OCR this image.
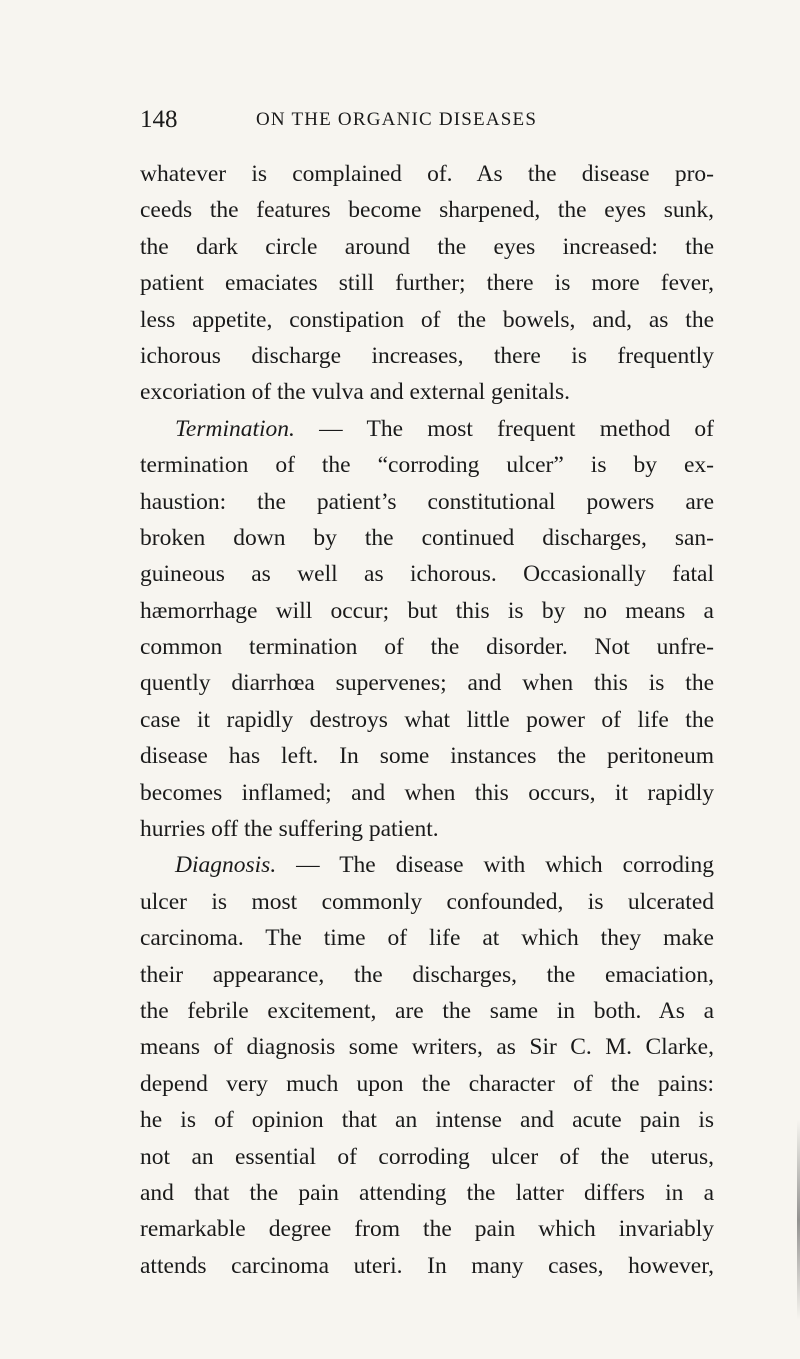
148	ON THE ORGANIC DISEASES
whatever is complained of. As the disease pro-
ceeds the features become sharpened, the eyes sunk,
the dark circle around the eyes increased: the
patient emaciates still further; there is more fever,
less appetite, constipation of the bowels, and, as the
ichorous discharge increases, there is frequently
excoriation of the vulva and external genitals.
Termination. — The most frequent method of
termination of the “corroding ulcer” is by ex-
haustion: the patient’s constitutional powers are
broken down by the continued discharges, san-
guineous as well as ichorous. Occasionally fatal
hæmorrhage will occur; but this is by no means a
common termination of the disorder. Not unfre-
quently diarrhœa supervenes; and when this is the
case it rapidly destroys what little power of life the
disease has left. In some instances the peritoneum
becomes inflamed; and when this occurs, it rapidly
hurries off the suffering patient.
Diagnosis. — The disease with which corroding
ulcer is most commonly confounded, is ulcerated
carcinoma. The time of life at which they make
their appearance, the discharges, the emaciation,
the febrile excitement, are the same in both. As a
means of diagnosis some writers, as Sir C. M. Clarke,
depend very much upon the character of the pains:
he is of opinion that an intense and acute pain is
not an essential of corroding ulcer of the uterus,
and that the pain attending the latter differs in a
remarkable degree from the pain which invariably
attends carcinoma uteri. In many cases, however,
